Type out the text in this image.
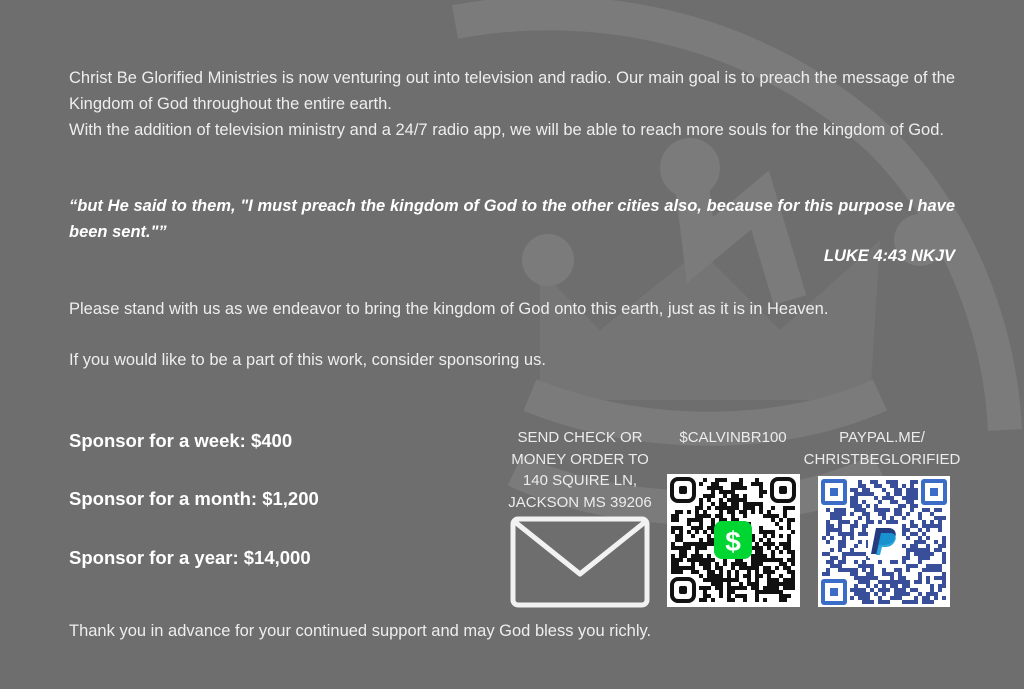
Christ Be Glorified Ministries is now venturing out into television and radio. Our main goal is to preach the message of the Kingdom of God throughout the entire earth.
With the addition of television ministry and a 24/7 radio app, we will be able to reach more souls for the kingdom of God.
“but He said to them, "I must preach the kingdom of God to the other cities also, because for this purpose I have been sent."”
LUKE 4:43 NKJV
Please stand with us as we endeavor to bring the kingdom of God onto this earth, just as it is in Heaven.
If you would like to be a part of this work, consider sponsoring us.
Sponsor for a week: $400
Sponsor for a month: $1,200
Sponsor for a year: $14,000
SEND CHECK OR
MONEY ORDER TO
140 SQUIRE LN,
JACKSON MS 39206
$CALVINBR100
$
PAYPAL.ME/
CHRISTBEGLORIFIED
Thank you in advance for your continued support and may God bless you richly.
